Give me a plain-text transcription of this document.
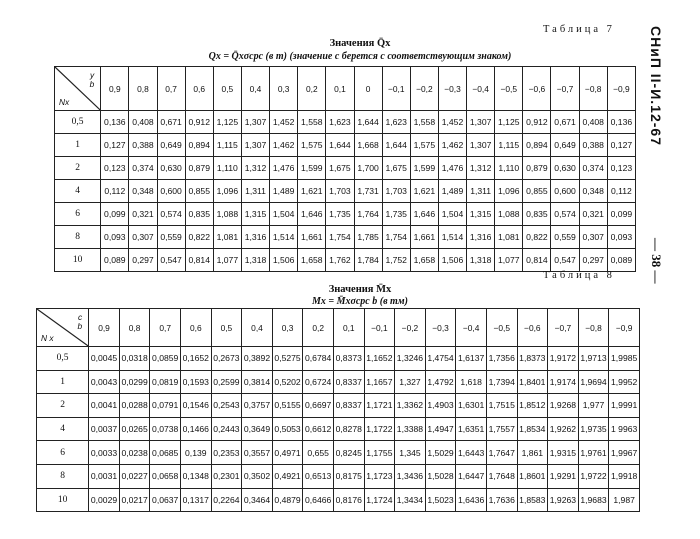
СНиП II-И.12-67
— 38 —
Таблица 7
Значения Q̄x
Qx = Q̄xσcpc (в т) (значение c берется с соответствующим знаком)
y
b
Nx	0,9	0,8	0,7	0,6	0,5	0,4	0,3	0,2	0,1	0	−0,1	−0,2	−0,3	−0,4	−0,5	−0,6	−0,7	−0,8	−0,9
0,5	0,136	0,408	0,671	0,912	1,125	1,307	1,452	1,558	1,623	1,644	1,623	1,558	1,452	1,307	1,125	0,912	0,671	0,408	0,136
1	0,127	0,388	0,649	0,894	1,115	1,307	1,462	1,575	1,644	1,668	1,644	1,575	1,462	1,307	1,115	0,894	0,649	0,388	0,127
2	0,123	0,374	0,630	0,879	1,110	1,312	1,476	1,599	1,675	1,700	1,675	1,599	1,476	1,312	1,110	0,879	0,630	0,374	0,123
4	0,112	0,348	0,600	0,855	1,096	1,311	1,489	1,621	1,703	1,731	1,703	1,621	1,489	1,311	1,096	0,855	0,600	0,348	0,112
6	0,099	0,321	0,574	0,835	1,088	1,315	1,504	1,646	1,735	1,764	1,735	1,646	1,504	1,315	1,088	0,835	0,574	0,321	0,099
8	0,093	0,307	0,559	0,822	1,081	1,316	1,514	1,661	1,754	1,785	1,754	1,661	1,514	1,316	1,081	0,822	0,559	0,307	0,093
10	0,089	0,297	0,547	0,814	1,077	1,318	1,506	1,658	1,762	1,784	1,752	1,658	1,506	1,318	1,077	0,814	0,547	0,297	0,089
Таблица 8
Значения M̄x
Mx = M̄xσcpc b (в тм)
c
b
N x	0,9	0,8	0,7	0,6	0,5	0,4	0,3	0,2	0,1	−0,1	−0,2	−0,3	−0,4	−0,5	−0,6	−0,7	−0,8	−0,9
0,5	0,0045	0,0318	0,0859	0,1652	0,2673	0,3892	0,5275	0,6784	0,8373	1,1652	1,3246	1,4754	1,6137	1,7356	1,8373	1,9172	1,9713	1,9985
1	0,0043	0,0299	0,0819	0,1593	0,2599	0,3814	0,5202	0,6724	0,8337	1,1657	1,327	1,4792	1,618	1,7394	1,8401	1,9174	1,9694	1,9952
2	0,0041	0,0288	0,0791	0,1546	0,2543	0,3757	0,5155	0,6697	0,8337	1,1721	1,3362	1,4903	1,6301	1,7515	1,8512	1,9268	1,977	1,9991
4	0,0037	0,0265	0,0738	0,1466	0,2443	0,3649	0,5053	0,6612	0,8278	1,1722	1,3388	1,4947	1,6351	1,7557	1,8534	1,9262	1,9735	1 9963
6	0,0033	0,0238	0,0685	0,139	0,2353	0,3557	0,4971	0,655	0,8245	1,1755	1,345	1,5029	1,6443	1,7647	1,861	1,9315	1,9761	1,9967
8	0,0031	0,0227	0,0658	0,1348	0,2301	0,3502	0,4921	0,6513	0,8175	1,1723	1,3436	1,5028	1,6447	1,7648	1,8601	1,9291	1,9722	1,9918
10	0,0029	0,0217	0,0637	0,1317	0,2264	0,3464	0,4879	0,6466	0,8176	1,1724	1,3434	1,5023	1,6436	1,7636	1,8583	1,9263	1,9683	1,987
